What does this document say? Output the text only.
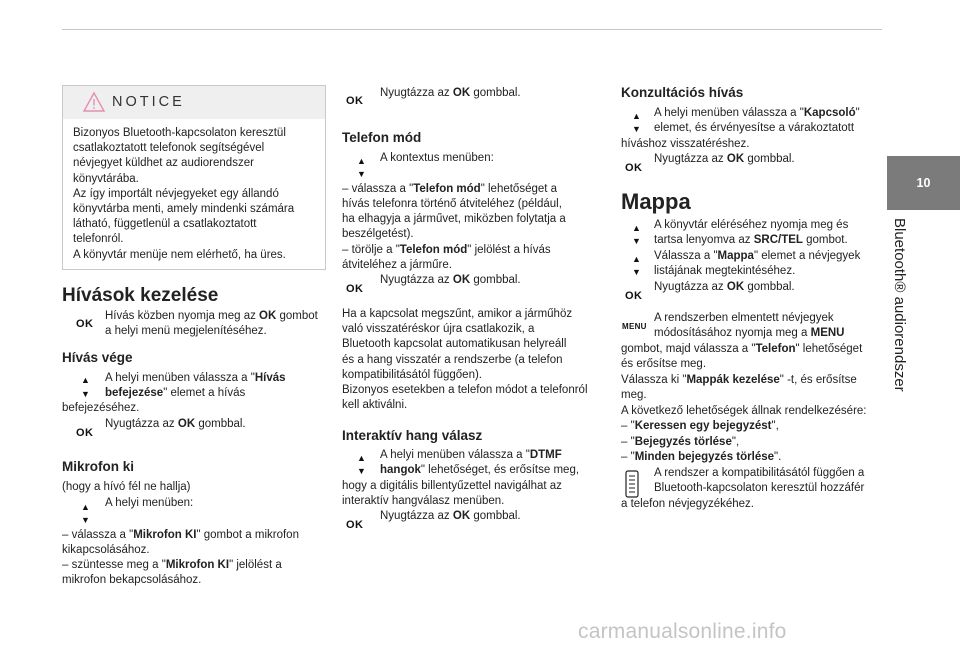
10
Bluetooth® audiorendszer
NOTICE
Bizonyos Bluetooth-kapcsolaton keresztül
csatlakoztatott telefonok segítségével
névjegyet küldhet az audiorendszer
könyvtárába.
Az így importált névjegyeket egy állandó
könyvtárba menti, amely mindenki számára
látható, függetlenül a csatlakoztatott
telefonról.
A könyvtár menüje nem elérhető, ha üres.
Hívások kezelése
OK
Hívás közben nyomja meg az OK gombot
a helyi menü megjelenítéséhez.
Hívás vége
▲
▼
A helyi menüben válassza a "Hívás
befejezése" elemet a hívás
befejezéséhez.
OK
Nyugtázza az OK gombbal.
Mikrofon ki
(hogy a hívó fél ne hallja)
▲
▼
A helyi menüben:
– válassza a "Mikrofon KI" gombot a mikrofon
kikapcsolásához.
– szüntesse meg a "Mikrofon KI" jelölést a
mikrofon bekapcsolásához.
OK
Nyugtázza az OK gombbal.
Telefon mód
▲
▼
A kontextus menüben:
– válassza a "Telefon mód" lehetőséget a
hívás telefonra történő átviteléhez (például,
ha elhagyja a járművet, miközben folytatja a
beszélgetést).
– törölje a "Telefon mód" jelölést a hívás
átviteléhez a járműre.
OK
Nyugtázza az OK gombbal.
Ha a kapcsolat megszűnt, amikor a járműhöz
való visszatéréskor újra csatlakozik, a
Bluetooth kapcsolat automatikusan helyreáll
és a hang visszatér a rendszerbe (a telefon
kompatibilitásától függően).
Bizonyos esetekben a telefon módot a telefonról
kell aktiválni.
Interaktív hang válasz
▲
▼
A helyi menüben válassza a "DTMF
hangok" lehetőséget, és erősítse meg,
hogy a digitális billentyűzettel navigálhat az
interaktív hangválasz menüben.
OK
Nyugtázza az OK gombbal.
Konzultációs hívás
▲
▼
A helyi menüben válassza a "Kapcsoló"
elemet, és érvényesítse a várakoztatott
híváshoz visszatéréshez.
OK
Nyugtázza az OK gombbal.
Mappa
▲
▼
A könyvtár eléréséhez nyomja meg és
tartsa lenyomva az SRC/TEL gombot.
▲
▼
Válassza a "Mappa" elemet a névjegyek
listájának megtekintéséhez.
OK
Nyugtázza az OK gombbal.
MENU
A rendszerben elmentett névjegyek
módosításához nyomja meg a MENU
gombot, majd válassza a "Telefon" lehetőséget
és erősítse meg.
Válassza ki "Mappák kezelése" -t, és erősítse
meg.
A következő lehetőségek állnak rendelkezésére:
– "Keressen egy bejegyzést",
– "Bejegyzés törlése",
– "Minden bejegyzés törlése".
A rendszer a kompatibilitásától függően a
Bluetooth-kapcsolaton keresztül hozzáfér
a telefon névjegyzékéhez.
carmanualsonline.info
